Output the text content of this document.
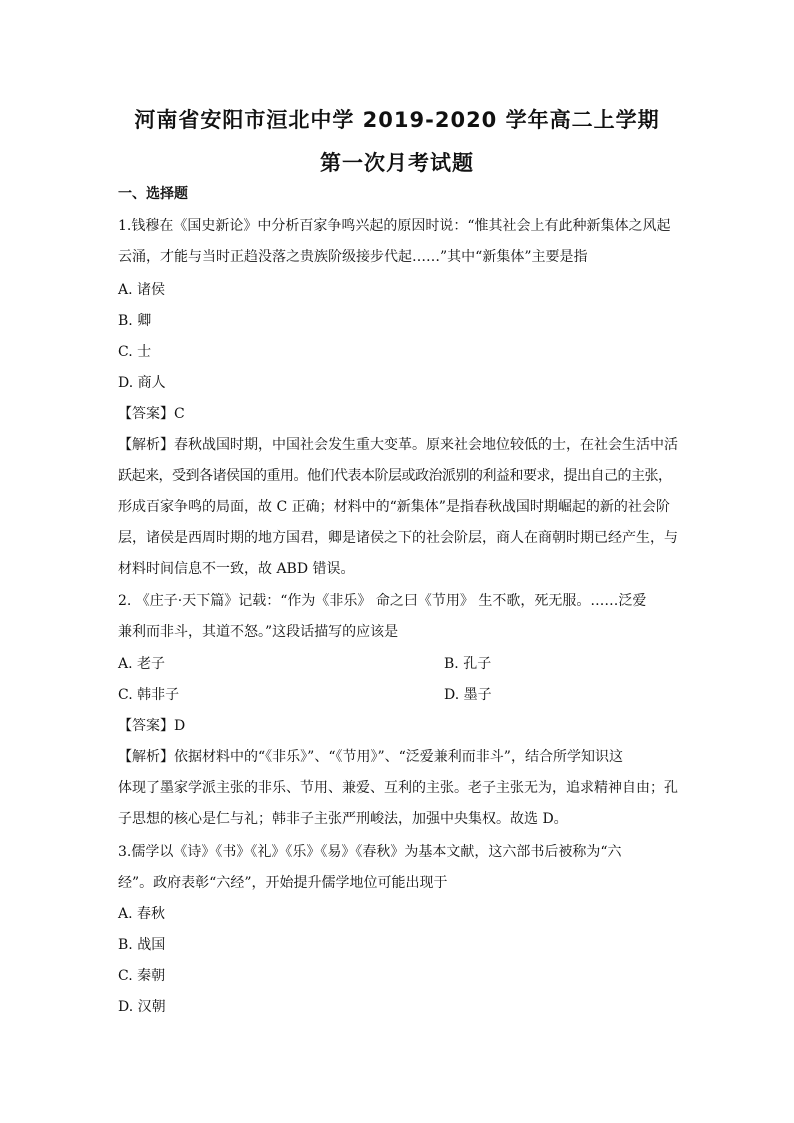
河南省安阳市洹北中学 2019-2020 学年高二上学期
第一次月考试题
一、选择题
1.钱穆在《国史新论》中分析百家争鸣兴起的原因时说：“惟其社会上有此种新集体之风起
云涌，才能与当时正趋没落之贵族阶级接步代起……”其中“新集体”主要是指
A. 诸侯
B. 卿
C. 士
D. 商人
【答案】C
【解析】春秋战国时期，中国社会发生重大变革。原来社会地位较低的士，在社会生活中活
跃起来，受到各诸侯国的重用。他们代表本阶层或政治派别的利益和要求，提出自己的主张，
形成百家争鸣的局面，故 C 正确；材料中的“新集体”是指春秋战国时期崛起的新的社会阶
层，诸侯是西周时期的地方国君，卿是诸侯之下的社会阶层，商人在商朝时期已经产生，与
材料时间信息不一致，故 ABD 错误。
2. 《庄子·天下篇》记载：“作为《非乐》 命之曰《节用》 生不歌，死无服。……泛爱
兼利而非斗，其道不怒。”这段话描写的应该是
A. 老子	B. 孔子
C. 韩非子	D. 墨子
【答案】D
【解析】依据材料中的“《非乐》”、“《节用》”、“泛爱兼利而非斗”，结合所学知识这
体现了墨家学派主张的非乐、节用、兼爱、互利的主张。老子主张无为，追求精神自由；孔
子思想的核心是仁与礼；韩非子主张严刑峻法，加强中央集权。故选 D。
3.儒学以《诗》《书》《礼》《乐》《易》《春秋》为基本文献，这六部书后被称为“六
经”。政府表彰“六经”，开始提升儒学地位可能出现于
A. 春秋
B. 战国
C. 秦朝
D. 汉朝
